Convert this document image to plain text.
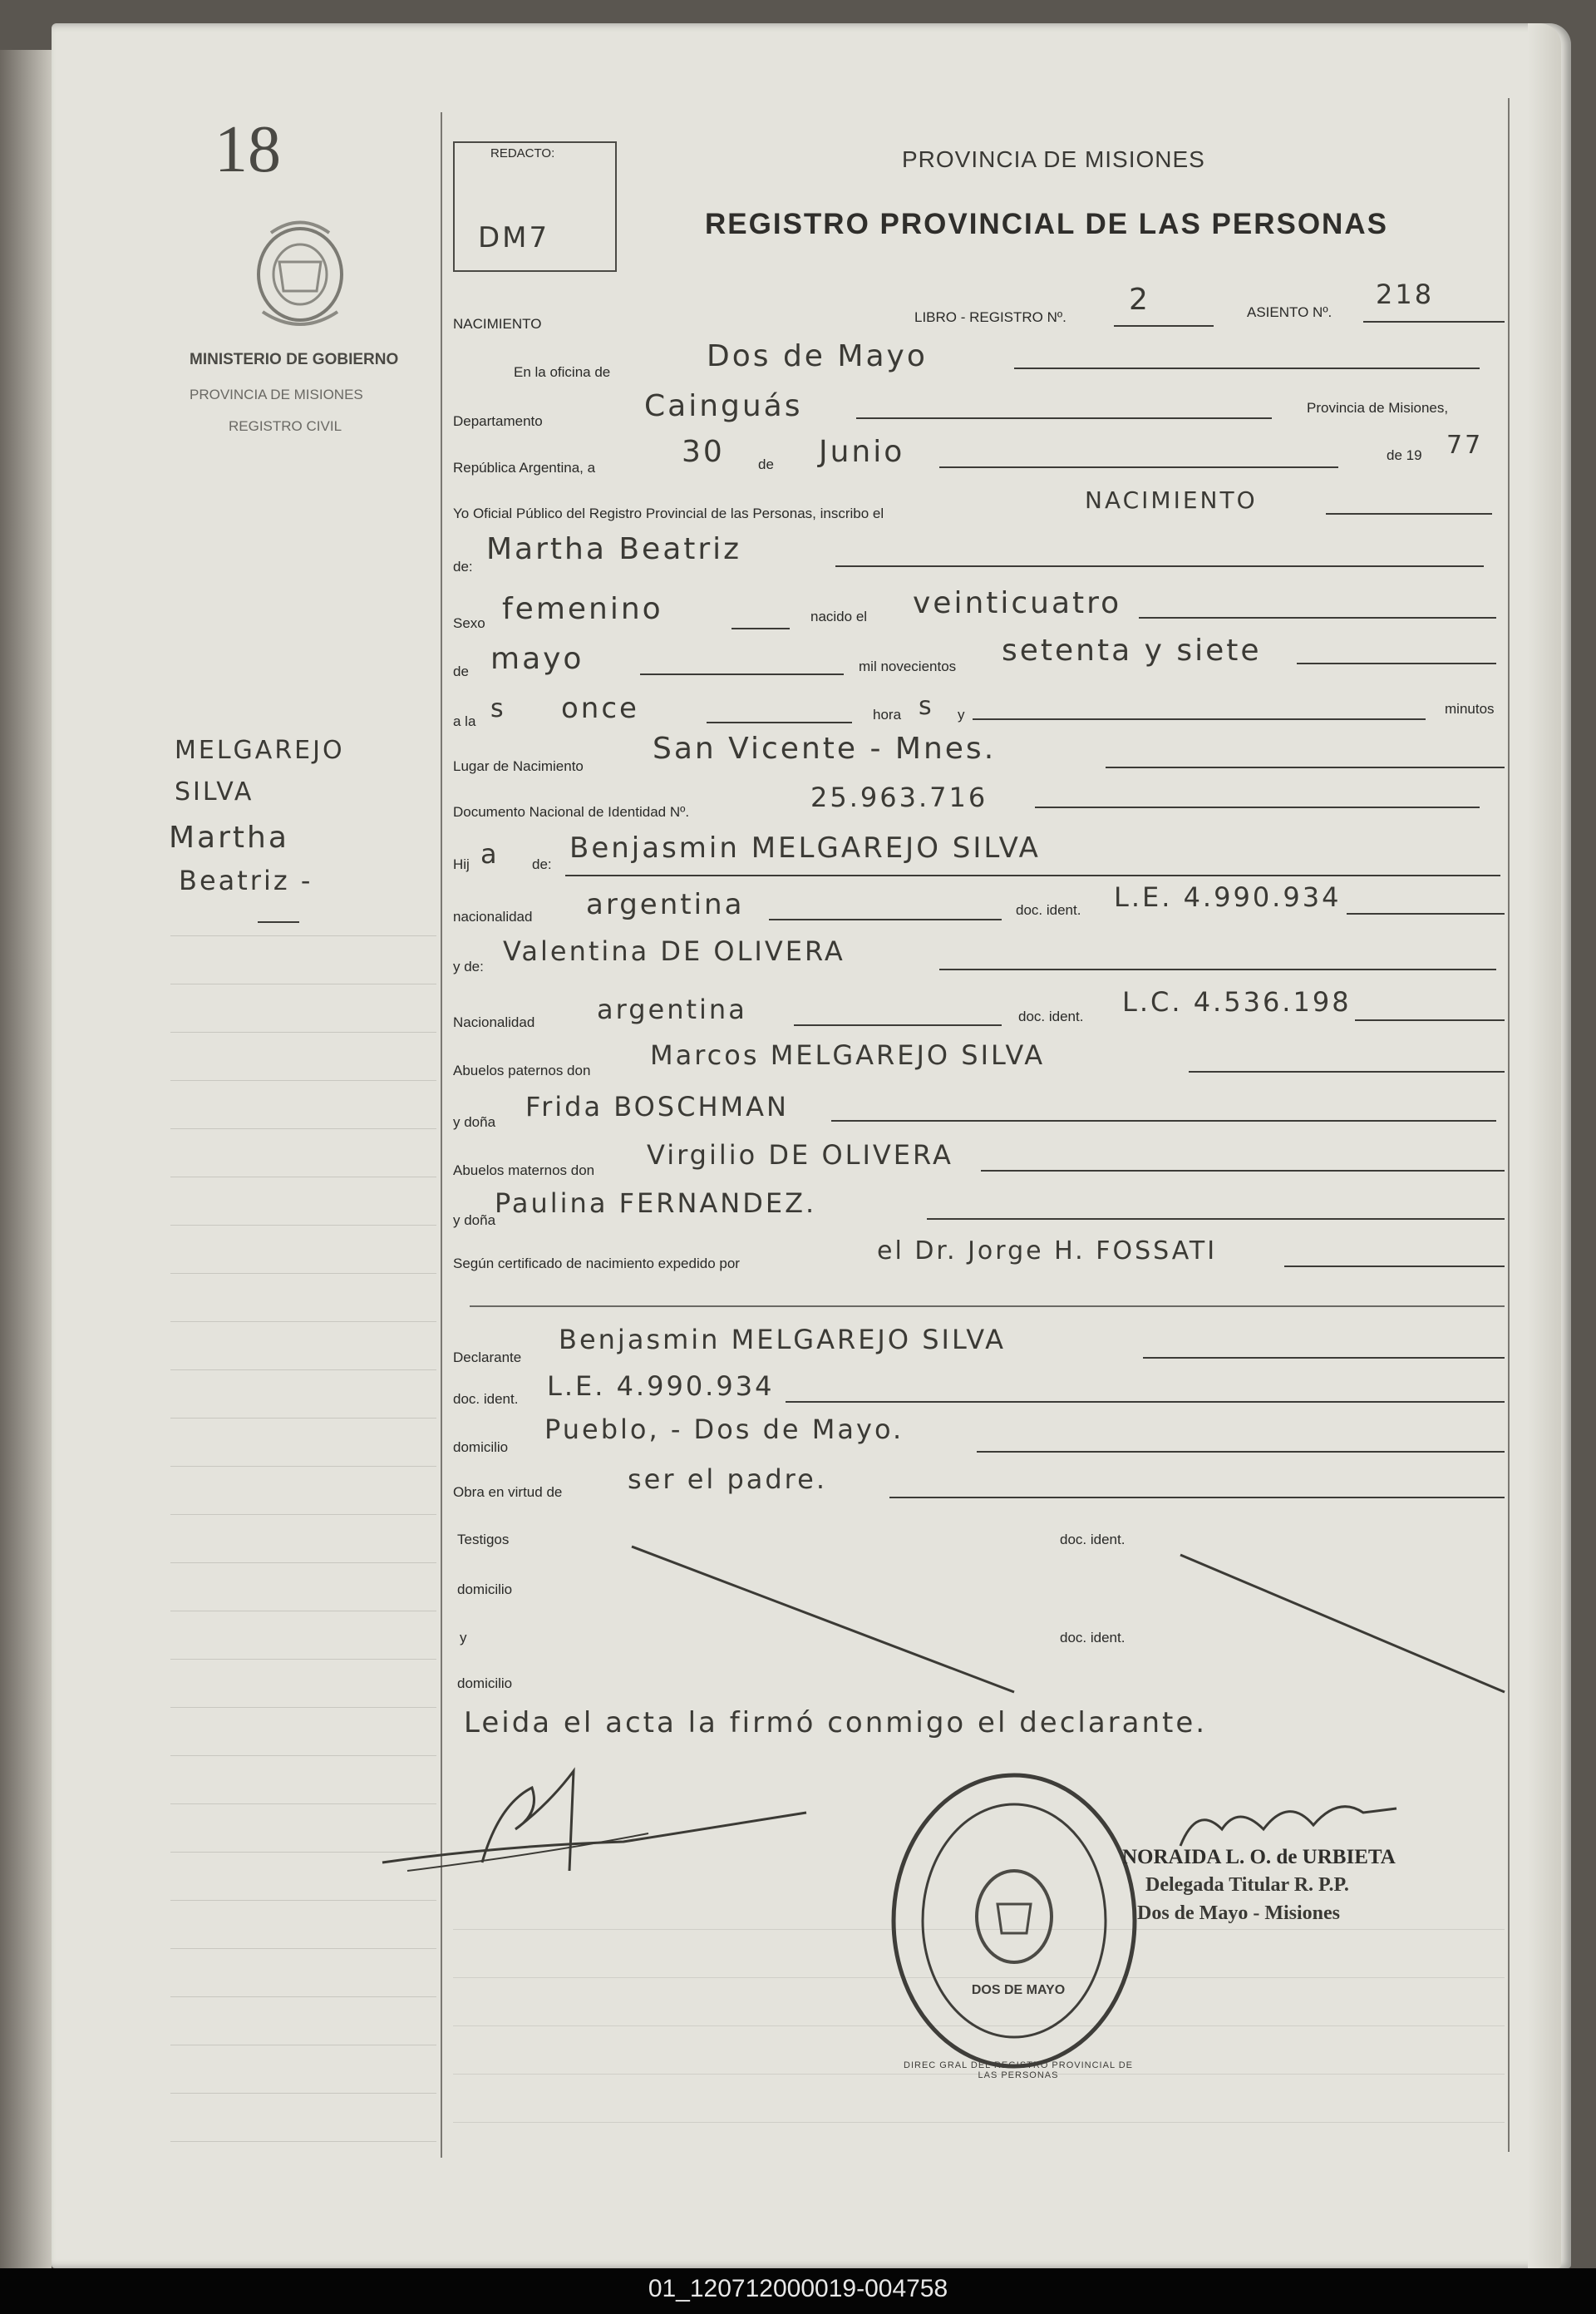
18
MINISTERIO DE GOBIERNO
PROVINCIA DE MISIONES
REGISTRO CIVIL
REDACTO:
DM7
PROVINCIA DE MISIONES
REGISTRO PROVINCIAL DE LAS PERSONAS
NACIMIENTO	LIBRO - REGISTRO Nº.
2	ASIENTO Nº.
218
En la oficina de	Dos de Mayo
Departamento	Cainguás	Provincia de Misiones,
República Argentina, a	30 de Junio	de 19 77
Yo Oficial Público del Registro Provincial de las Personas, inscribo el	NACIMIENTO
de:
Martha Beatriz
Sexo femenino	nacido el veinticuatro
de mayo	mil novecientos setenta y siete
a la s once	hora s y	minutos
Lugar de Nacimiento
San Vicente - Mnes.
Documento Nacional de Identidad Nº.	25.963.716
Hij a de: Benjasmin MELGAREJO SILVA
nacionalidad argentina	doc. ident. L.E. 4.990.934
y de: Valentina DE OLIVERA
Nacionalidad argentina	doc. ident. L.C. 4.536.198
Abuelos paternos don Marcos MELGAREJO SILVA
y doña Frida BOSCHMAN
Abuelos maternos don Virgilio DE OLIVERA
y doña
Paulina FERNANDEZ.
Según certificado de nacimiento expedido por	el Dr. Jorge H. FOSSATI
Declarante
Benjasmin MELGAREJO SILVA
doc. ident. L.E. 4.990.934
domicilio
Pueblo, - Dos de Mayo.
Obra en virtud de ser el padre.
Testigos	doc. ident.
domicilio
y	doc. ident.
domicilio
Leida el acta la firmó conmigo el declarante.
DIREC GRAL DEL REGISTRO PROVINCIAL DE LAS PERSONAS
DOS DE MAYO
NORAIDA L. O. de URBIETA
Delegada Titular R. P.P.
Dos de Mayo - Misiones
MELGAREJO
SILVA
Martha
Beatriz -
01_120712000019-004758
